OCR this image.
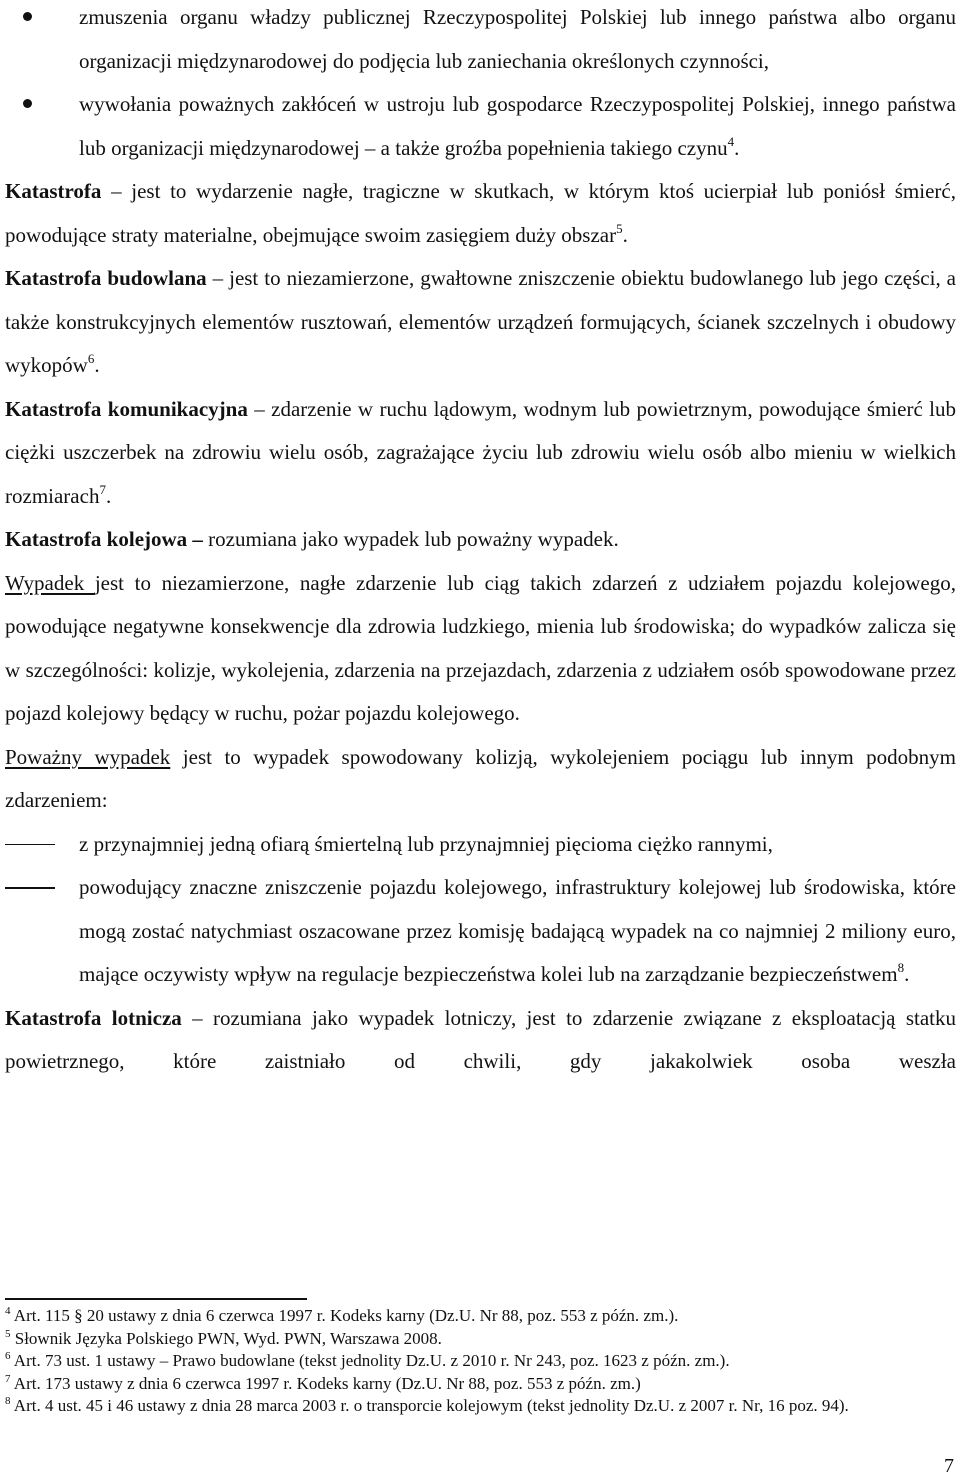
zmuszenia organu władzy publicznej Rzeczypospolitej Polskiej lub innego państwa albo organu organizacji międzynarodowej do podjęcia lub zaniechania określonych czynności,
wywołania poważnych zakłóceń w ustroju lub gospodarce Rzeczypospolitej Polskiej, innego państwa lub organizacji międzynarodowej – a także groźba popełnienia takiego czynu$^4$.
Katastrofa – jest to wydarzenie nagłe, tragiczne w skutkach, w którym ktoś ucierpiał lub poniósł śmierć, powodujące straty materialne, obejmujące swoim zasięgiem duży obszar$^5$.
Katastrofa budowlana – jest to niezamierzone, gwałtowne zniszczenie obiektu budowlanego lub jego części, a także konstrukcyjnych elementów rusztowań, elementów urządzeń formujących, ścianek szczelnych i obudowy wykopów$^6$.
Katastrofa komunikacyjna – zdarzenie w ruchu lądowym, wodnym lub powietrznym, powodujące śmierć lub ciężki uszczerbek na zdrowiu wielu osób, zagrażające życiu lub zdrowiu wielu osób albo mieniu w wielkich rozmiarach$^7$.
Katastrofa kolejowa – rozumiana jako wypadek lub poważny wypadek.
Wypadek jest to niezamierzone, nagłe zdarzenie lub ciąg takich zdarzeń z udziałem pojazdu kolejowego, powodujące negatywne konsekwencje dla zdrowia ludzkiego, mienia lub środowiska; do wypadków zalicza się w szczególności: kolizje, wykolejenia, zdarzenia na przejazdach, zdarzenia z udziałem osób spowodowane przez pojazd kolejowy będący w ruchu, pożar pojazdu kolejowego.
Poważny wypadek jest to wypadek spowodowany kolizją, wykolejeniem pociągu lub innym podobnym zdarzeniem:
z przynajmniej jedną ofiarą śmiertelną lub przynajmniej pięcioma ciężko rannymi,
powodujący znaczne zniszczenie pojazdu kolejowego, infrastruktury kolejowej lub środowiska, które mogą zostać natychmiast oszacowane przez komisję badającą wypadek na co najmniej 2 miliony euro, mające oczywisty wpływ na regulacje bezpieczeństwa kolei lub na zarządzanie bezpieczeństwem$^8$.
Katastrofa lotnicza – rozumiana jako wypadek lotniczy, jest to zdarzenie związane z eksploatacją statku powietrznego, które zaistniało od chwili, gdy jakakolwiek osoba weszła
$^4$ Art. 115 § 20 ustawy z dnia 6 czerwca 1997 r. Kodeks karny (Dz.U. Nr 88, poz. 553 z późn. zm.).
$^5$ Słownik Języka Polskiego PWN, Wyd. PWN, Warszawa 2008.
$^6$ Art. 73 ust. 1 ustawy – Prawo budowlane (tekst jednolity Dz.U. z 2010 r. Nr 243, poz. 1623 z późn. zm.).
$^7$ Art. 173 ustawy z dnia 6 czerwca 1997 r. Kodeks karny (Dz.U. Nr 88, poz. 553 z późn. zm.)
$^8$ Art. 4 ust. 45 i 46 ustawy z dnia 28 marca 2003 r. o transporcie kolejowym (tekst jednolity Dz.U. z 2007 r. Nr, 16 poz. 94).
7
